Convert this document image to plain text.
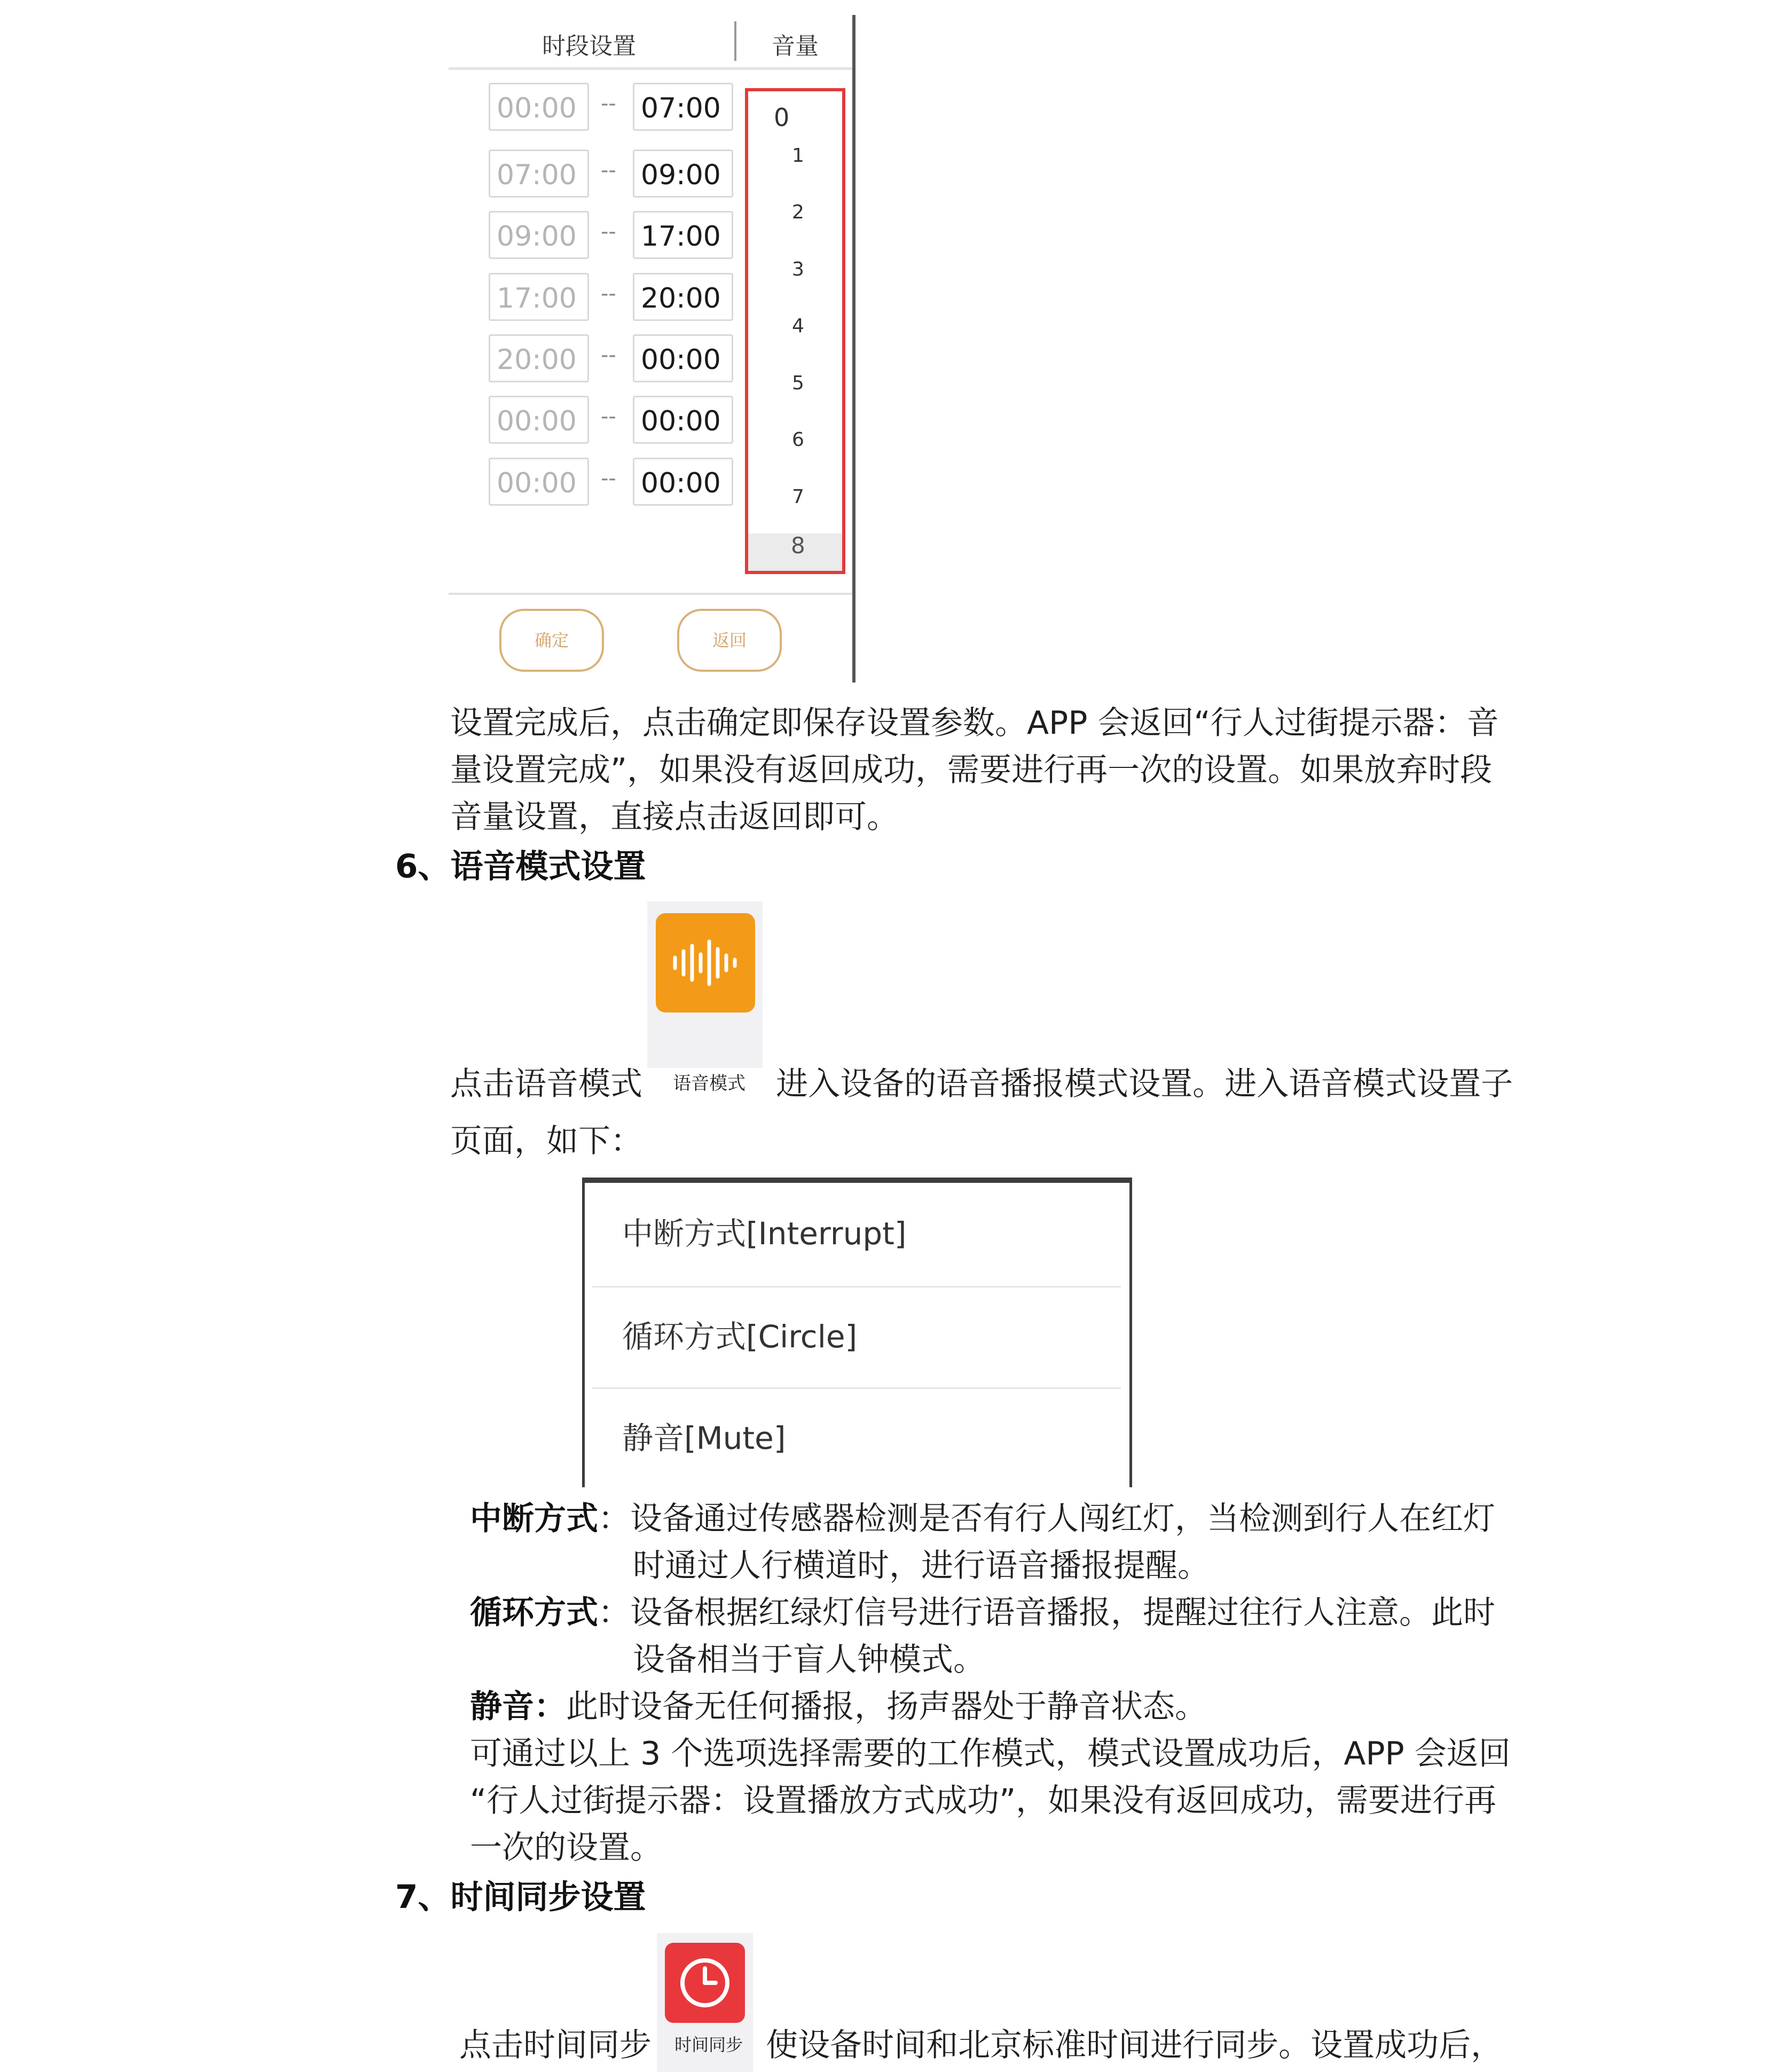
时段设置	音量
00:00	-- 07:00
07:00	-- 09:00
09:00	-- 17:00
17:00	-- 20:00
20:00	-- 00:00
00:00	-- 00:00
00:00	-- 00:00
0
1
2
3
4
5
6
7
8
确定	返回
设置完成后，点击确定即保存设置参数。APP 会返回“行人过街提示器：音
量设置完成”，如果没有返回成功，需要进行再一次的设置。如果放弃时段
音量设置，直接点击返回即可。
6、语音模式设置
点击语音模式 语音模式 进入设备的语音播报模式设置。进入语音模式设置子
页面，如下：
中断方式[Interrupt]
循环方式[Circle]
静音[Mute]
中断方式：设备通过传感器检测是否有行人闯红灯，当检测到行人在红灯
时通过人行横道时，进行语音播报提醒。
循环方式：设备根据红绿灯信号进行语音播报，提醒过往行人注意。此时
设备相当于盲人钟模式。
静音：此时设备无任何播报，扬声器处于静音状态。
可通过以上 3 个选项选择需要的工作模式，模式设置成功后，APP 会返回
“行人过街提示器：设置播放方式成功”，如果没有返回成功，需要进行再
一次的设置。
7、时间同步设置
点击时间同步 时间同步 使设备时间和北京标准时间进行同步。设置成功后，
